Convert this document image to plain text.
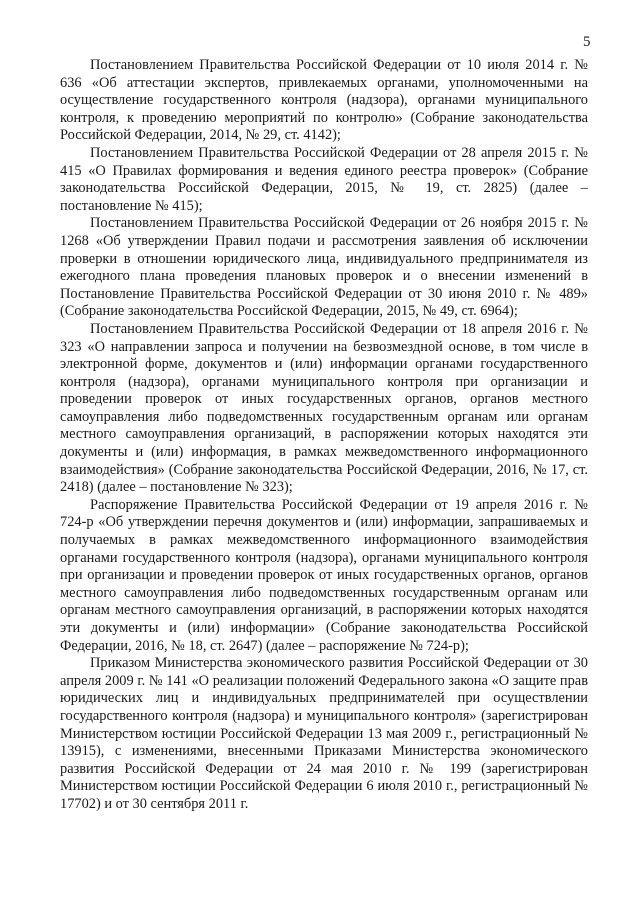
5

Постановлением Правительства Российской Федерации от 10 июля 2014 г. № 636 «Об аттестации экспертов, привлекаемых органами, уполномоченными на осуществление государственного контроля (надзора), органами муниципального контроля, к проведению мероприятий по контролю» (Собрание законодательства Российской Федерации, 2014, № 29, ст. 4142);

Постановлением Правительства Российской Федерации от 28 апреля 2015 г. № 415 «О Правилах формирования и ведения единого реестра проверок» (Собрание законодательства Российской Федерации, 2015, № 19, ст. 2825) (далее – постановление № 415);

Постановлением Правительства Российской Федерации от 26 ноября 2015 г. № 1268 «Об утверждении Правил подачи и рассмотрения заявления об исключении проверки в отношении юридического лица, индивидуального предпринимателя из ежегодного плана проведения плановых проверок и о внесении изменений в Постановление Правительства Российской Федерации от 30 июня 2010 г. № 489» (Собрание законодательства Российской Федерации, 2015, № 49, ст. 6964);

Постановлением Правительства Российской Федерации от 18 апреля 2016 г. № 323 «О направлении запроса и получении на безвозмездной основе, в том числе в электронной форме, документов и (или) информации органами государственного контроля (надзора), органами муниципального контроля при организации и проведении проверок от иных государственных органов, органов местного самоуправления либо подведомственных государственным органам или органам местного самоуправления организаций, в распоряжении которых находятся эти документы и (или) информация, в рамках межведомственного информационного взаимодействия» (Собрание законодательства Российской Федерации, 2016, № 17, ст. 2418) (далее – постановление № 323);

Распоряжение Правительства Российской Федерации от 19 апреля 2016 г. № 724-р «Об утверждении перечня документов и (или) информации, запрашиваемых и получаемых в рамках межведомственного информационного взаимодействия органами государственного контроля (надзора), органами муниципального контроля при организации и проведении проверок от иных государственных органов, органов местного самоуправления либо подведомственных государственным органам или органам местного самоуправления организаций, в распоряжении которых находятся эти документы и (или) информации» (Собрание законодательства Российской Федерации, 2016, № 18, ст. 2647) (далее – распоряжение № 724-р);

Приказом Министерства экономического развития Российской Федерации от 30 апреля 2009 г. № 141 «О реализации положений Федерального закона «О защите прав юридических лиц и индивидуальных предпринимателей при осуществлении государственного контроля (надзора) и муниципального контроля» (зарегистрирован Министерством юстиции Российской Федерации 13 мая 2009 г., регистрационный № 13915), с изменениями, внесенными Приказами Министерства экономического развития Российской Федерации от 24 мая 2010 г. № 199 (зарегистрирован Министерством юстиции Российской Федерации 6 июля 2010 г., регистрационный № 17702) и от 30 сентября 2011 г.
